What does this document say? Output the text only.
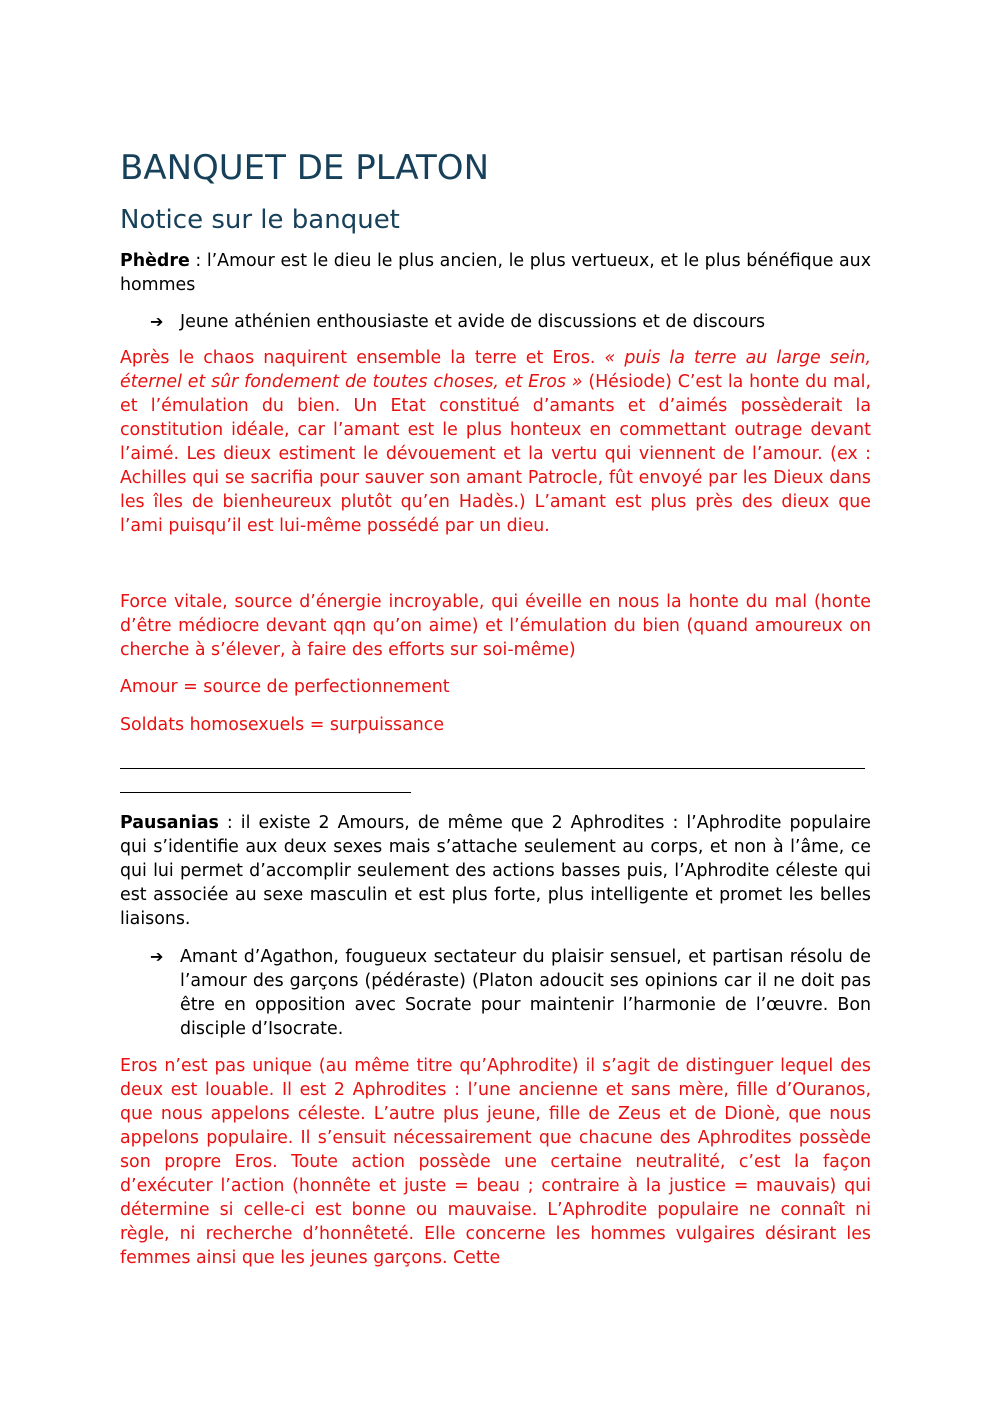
BANQUET DE PLATON
Notice sur le banquet

Phèdre : l’Amour est le dieu le plus ancien, le plus vertueux, et le plus bénéfique aux hommes

➔ Jeune athénien enthousiaste et avide de discussions et de discours

Après le chaos naquirent ensemble la terre et Eros. « puis la terre au large sein, éternel et sûr fondement de toutes choses, et Eros » (Hésiode) C’est la honte du mal, et l’émulation du bien. Un Etat constitué d’amants et d’aimés possèderait la constitution idéale, car l’amant est le plus honteux en commettant outrage devant l’aimé. Les dieux estiment le dévouement et la vertu qui viennent de l’amour. (ex : Achilles qui se sacrifia pour sauver son amant Patrocle, fût envoyé par les Dieux dans les îles de bienheureux plutôt qu’en Hadès.) L’amant est plus près des dieux que l’ami puisqu’il est lui-même possédé par un dieu.

Force vitale, source d’énergie incroyable, qui éveille en nous la honte du mal (honte d’être médiocre devant qqn qu’on aime) et l’émulation du bien (quand amoureux on cherche à s’élever, à faire des efforts sur soi-même)

Amour = source de perfectionnement

Soldats homosexuels = surpuissance

Pausanias : il existe 2 Amours, de même que 2 Aphrodites : l’Aphrodite populaire qui s’identifie aux deux sexes mais s’attache seulement au corps, et non à l’âme, ce qui lui permet d’accomplir seulement des actions basses puis, l’Aphrodite céleste qui est associée au sexe masculin et est plus forte, plus intelligente et promet les belles liaisons.

➔ Amant d’Agathon, fougueux sectateur du plaisir sensuel, et partisan résolu de l’amour des garçons (pédéraste) (Platon adoucit ses opinions car il ne doit pas être en opposition avec Socrate pour maintenir l’harmonie de l’œuvre. Bon disciple d’Isocrate.

Eros n’est pas unique (au même titre qu’Aphrodite) il s’agit de distinguer lequel des deux est louable. Il est 2 Aphrodites : l’une ancienne et sans mère, fille d’Ouranos, que nous appelons céleste. L’autre plus jeune, fille de Zeus et de Dionè, que nous appelons populaire. Il s’ensuit nécessairement que chacune des Aphrodites possède son propre Eros. Toute action possède une certaine neutralité, c’est la façon d’exécuter l’action (honnête et juste = beau ; contraire à la justice = mauvais) qui détermine si celle-ci est bonne ou mauvaise. L’Aphrodite populaire ne connaît ni règle, ni recherche d’honnêteté. Elle concerne les hommes vulgaires désirant les femmes ainsi que les jeunes garçons. Cette
